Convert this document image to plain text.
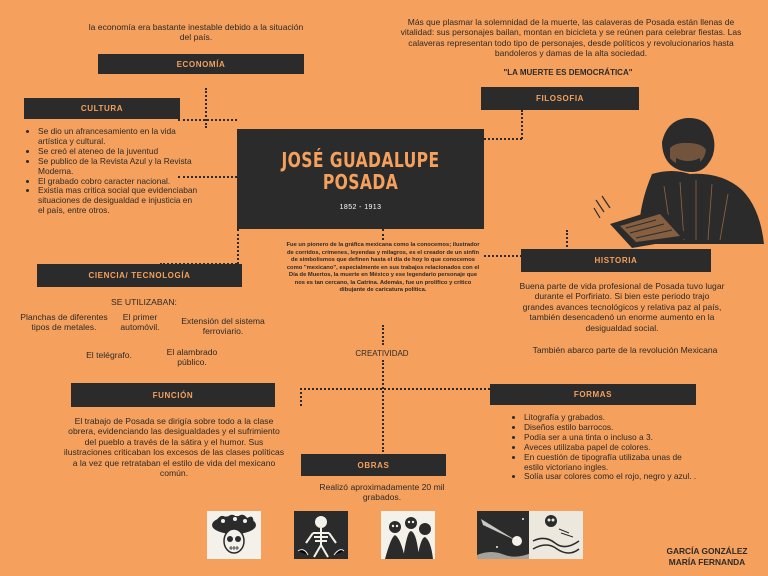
la economía era bastante inestable debido a la situación del país.
ECONOMÍA
Más que plasmar la solemnidad de la muerte, las calaveras de Posada están llenas de vitalidad: sus personajes bailan, montan en bicicleta y se reúnen para celebrar fiestas. Las calaveras representan todo tipo de personajes, desde políticos y revolucionarios hasta bandoleros y damas de la alta sociedad.
"LA MUERTE ES DEMOCRÁTICA"
FILOSOFIA
CULTURA
• Se dio un afrancesamiento en la vida artística y cultural.
• Se creó el ateneo de la juventud
• Se publico de la Revista Azul y la Revista Moderna.
• El grabado cobro caracter nacional.
• Existía mas critica social que evidenciaban situaciones de desigualdad e injusticia en el país, entre otros.
JOSÉ GUADALUPE
POSADA
1852 - 1913
CIENCIA/ TECNOLOGÍA
SE UTILIZABAN:
Planchas de diferentes tipos de metales.
El primer automóvil.
Extensión del sistema ferroviario.
El telégrafo.	El alambrado público.
Fue un pionero de la gráfica mexicana como la conocemos; ilustrador de corridos, crímenes, leyendas y milagros, es el creador de un sinfín de simbolismos que definen hasta el día de hoy lo que conocemos como "mexicano", especialmente en sus trabajos relacionados con el Día de Muertos, la muerte en México y ese legendario personaje que nos es tan cercano, la Catrina. Además, fue un prolífico y crítico dibujante de caricatura política.
CREATIVIDAD
HISTORIA
Buena parte de vida profesional de Posada tuvo lugar durante el Porfiriato. Si bien este periodo trajo grandes avances tecnológicos y relativa paz al país, también desencadenó un enorme aumento en la desigualdad social.
También abarco parte de la revolución Mexicana
FUNCIÓN
El trabajo de Posada se dirigía sobre todo a la clase obrera, evidenciando las desigualdades y el sufrimiento del pueblo a través de la sátira y el humor. Sus ilustraciones criticaban los excesos de las clases políticas a la vez que retrataban el estilo de vida del mexicano común.
FORMAS
• Litografía y grabados.
• Diseños estilo barrocos.
• Podía ser a una tinta o incluso a 3.
• Aveces utilizaba papel de colores.
• En cuestión de tipografía utilizaba unas de estilo victoriano ingles.
• Solía usar colores como el rojo, negro y azul. .
OBRAS
Realizó aproximadamente 20 mil grabados.
GARCÍA GONZÁLEZ
MARÍA FERNANDA
